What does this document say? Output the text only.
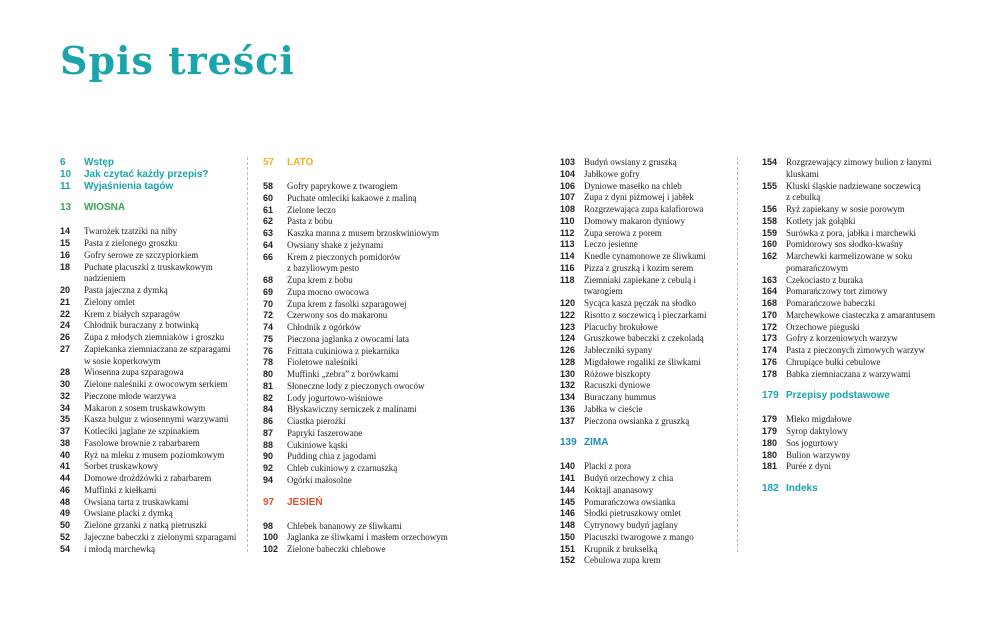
Spis treści
6	Wstęp
10	Jak czytać każdy przepis?
11	Wyjaśnienia tagów
13	WIOSNA
14	Twarożek tzatziki na niby
15	Pasta z zielonego groszku
16	Gofry serowe ze szczypiorkiem
18	Puchate placuszki z truskawkowym
nadzieniem
20	Pasta jajeczna z dymką
21	Zielony omlet
22	Krem z białych szparagów
24	Chłodnik buraczany z botwinką
26	Zupa z młodych ziemniaków i groszku
27	Zapiekanka ziemniaczana ze szparagami
w sosie koperkowym
28	Wiosenna zupa szparagowa
30	Zielone naleśniki z owocowym serkiem
32	Pieczone młode warzywa
34	Makaron z sosem truskawkowym
35	Kasza bulgur z wiosennymi warzywami
37	Kotleciki jaglane ze szpinakiem
38	Fasolowe brownie z rabarbarem
40	Ryż na mleku z musem poziomkowym
41	Sorbet truskawkowy
44	Domowe drożdżówki z rabarbarem
46	Muffinki z kiełkami
48	Owsiana tarta z truskawkami
49	Owsiane placki z dymką
50	Zielone grzanki z natką pietruszki
52	Jajeczne babeczki z zielonymi szparagami
54	i młodą marchewką
57	LATO
58	Gofry paprykowe z twarogiem
60	Puchate omleciki kakaowe z maliną
61	Zielone leczo
62	Pasta z bobu
63	Kaszka manna z musem brzoskwiniowym
64	Owsiany shake z jeżynami
66	Krem z pieczonych pomidorów
z bazyliowym pesto
68	Zupa krem z bobu
69	Zupa mocno owocowa
70	Zupa krem z fasolki szparagowej
72	Czerwony sos do makaronu
74	Chłodnik z ogórków
75	Pieczona jaglanka z owocami lata
76	Frittata cukiniowa z piekarnika
78	Fioletowe naleśniki
80	Muffinki „zebra” z borówkami
81	Słoneczne lody z pieczonych owoców
82	Lody jogurtowo-wiśniowe
84	Błyskawiczny serniczek z malinami
86	Ciastka pierożki
87	Papryki faszerowane
88	Cukiniowe kąski
90	Pudding chia z jagodami
92	Chleb cukiniowy z czarnuszką
94	Ogórki małosolne
97	JESIEŃ
98	Chlebek bananowy ze śliwkami
100 Jaglanka ze śliwkami i masłem orzechowym
102 Zielone babeczki chlebowe
103 Budyń owsiany z gruszką
104 Jabłkowe gofry
106 Dyniowe masełko na chleb
107 Zupa z dyni piżmowej i jabłek
108 Rozgrzewająca zupa kalafiorowa
110	Domowy makaron dyniowy
112	Zupa serowa z porem
113	Leczo jesienne
114	Knedle cynamonowe ze śliwkami
116	Pizza z gruszką i kozim serem
118	Ziemniaki zapiekane z cebulą i twarogiem
120 Sycąca kasza pęczak na słodko
122 Risotto z soczewicą i pieczarkami
123 Placuchy brokułowe
124 Gruszkowe babeczki z czekoladą
126 Jabłeczniki sypany
128 Migdałowe rogaliki ze śliwkami
130 Różowe biszkopty
132 Racuszki dyniowe
134 Buraczany hummus
136 Jabłka w cieście
137 Pieczona owsianka z gruszką
139 ZIMA
140 Placki z pora
141 Budyń orzechowy z chia
144 Koktajl ananasowy
145 Pomarańczowa owsianka
146 Słodki pietruszkowy omlet
148 Cytrynowy budyń jaglany
150 Placuszki twarogowe z mango
151 Krupnik z brukselką
152 Cebulowa zupa krem
154 Rozgrzewający zimowy bulion z łanymi
kluskami
155 Kluski śląskie nadziewane soczewicą
z cebulką
156 Ryż zapiekany w sosie porowym
158 Kotlety jak gołąbki
159 Surówka z pora, jabłka i marchewki
160 Pomidorowy sos słodko-kwaśny
162 Marchewki karmelizowane w soku
pomarańczowym
163 Czekociasto z buraka
164 Pomarańczowy tort zimowy
168 Pomarańczowe babeczki
170 Marchewkowe ciasteczka z amarantusem
172 Orzechowe pieguski
173 Gofry z korzeniowych warzyw
174 Pasta z pieczonych zimowych warzyw
176 Chrupiące bułki cebulowe
178 Babka ziemniaczana z warzywami
179 Przepisy podstawowe
179 Mleko migdałowe
179 Syrop daktylowy
180 Sos jogurtowy
180 Bulion warzywny
181 Purée z dyni
182 Indeks
